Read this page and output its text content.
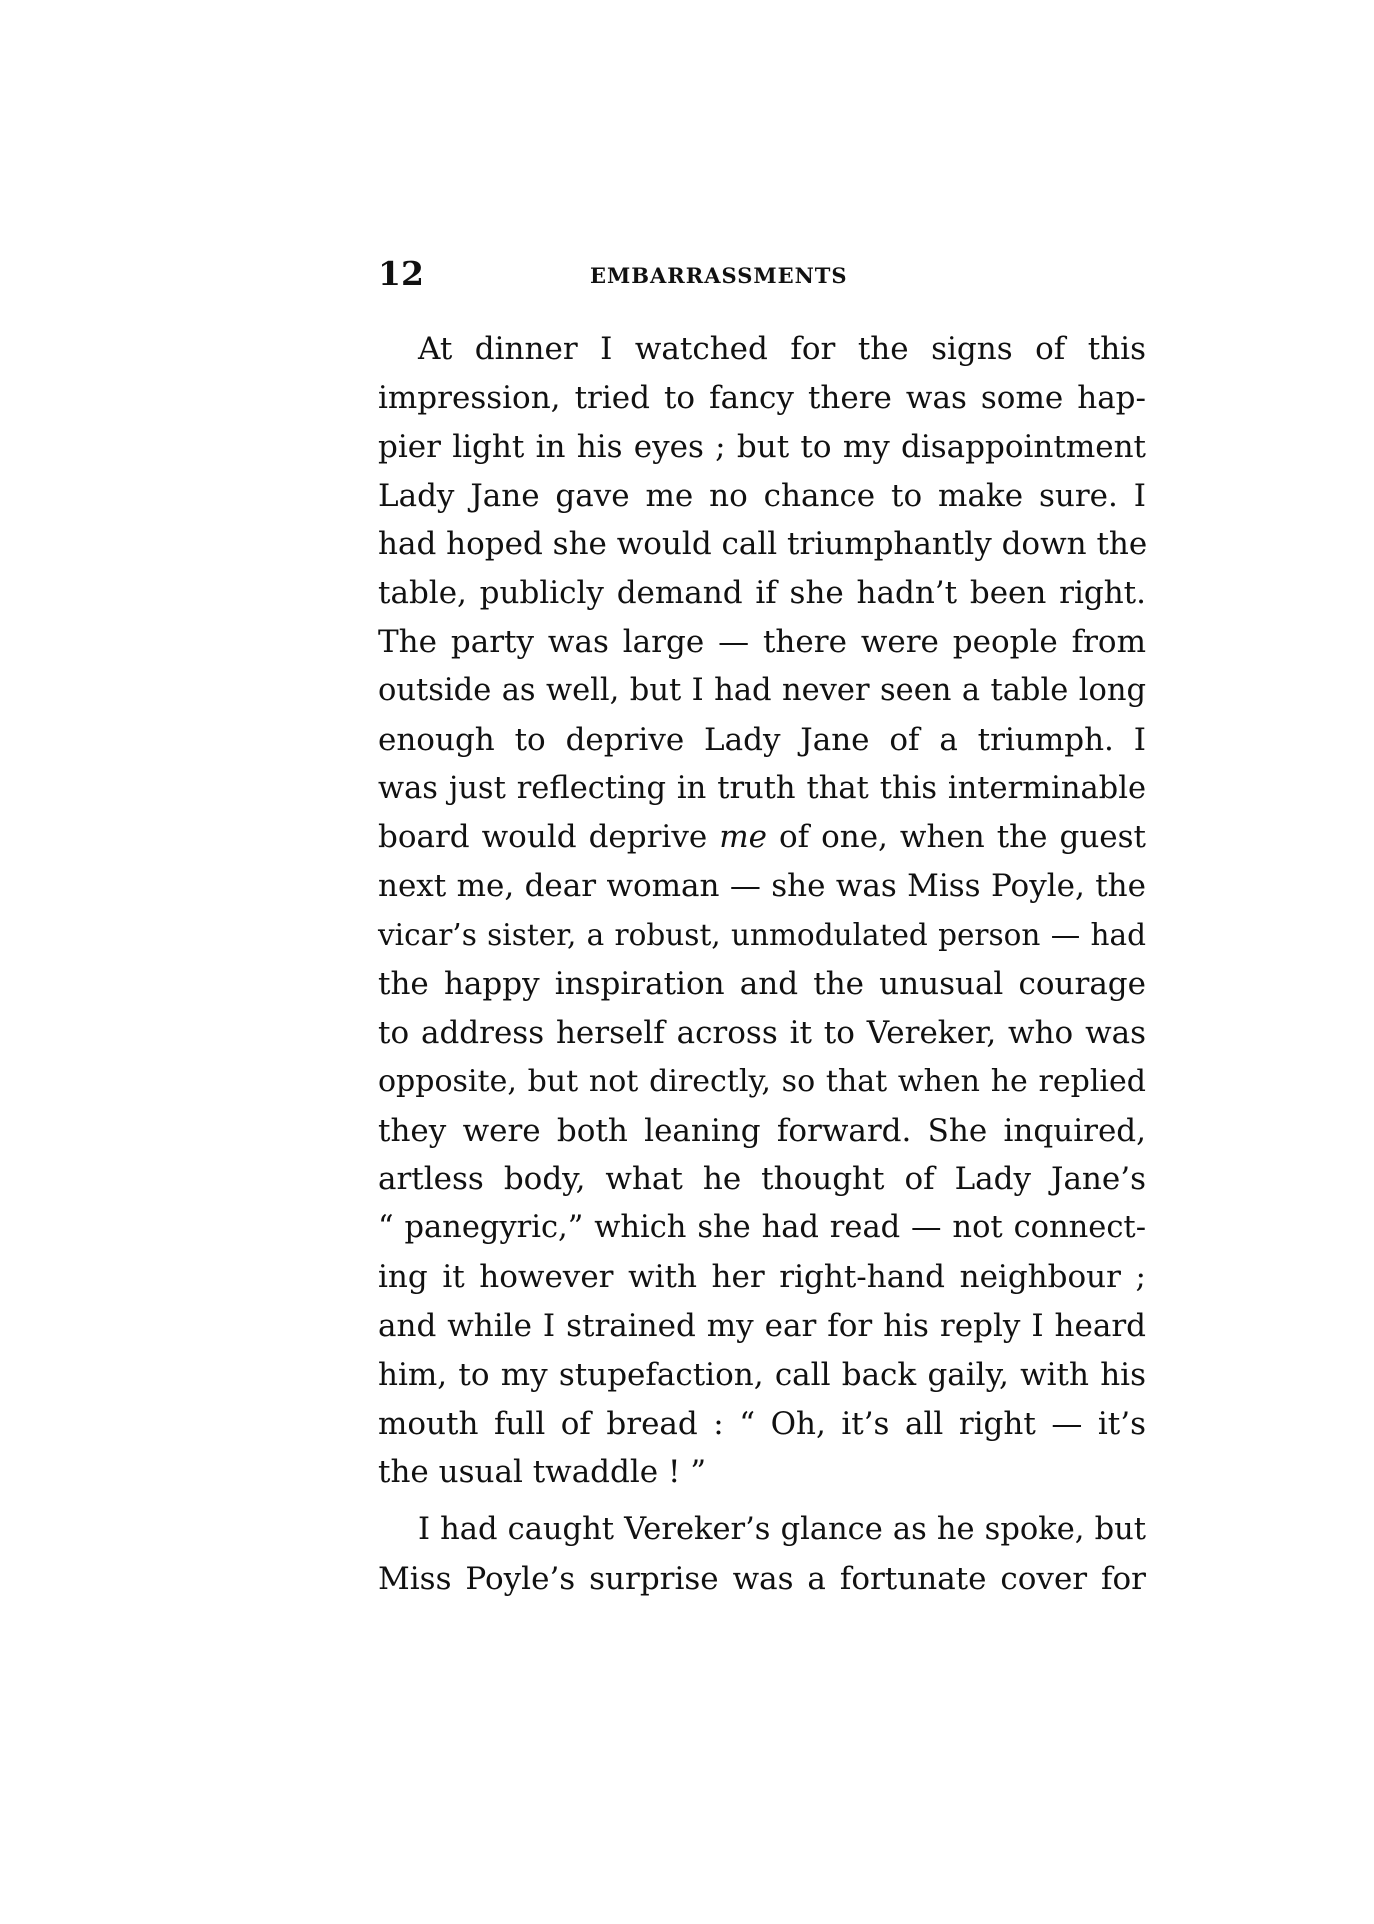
12	EMBARRASSMENTS
At dinner I watched for the signs of this
impression, tried to fancy there was some hap-
pier light in his eyes ; but to my disappointment
Lady Jane gave me no chance to make sure. I
had hoped she would call triumphantly down the
table, publicly demand if she hadn’t been right.
The party was large — there were people from
outside as well, but I had never seen a table long
enough to deprive Lady Jane of a triumph. I
was just reflecting in truth that this interminable
board would deprive me of one, when the guest
next me, dear woman — she was Miss Poyle, the
vicar’s sister, a robust, unmodulated person — had
the happy inspiration and the unusual courage
to address herself across it to Vereker, who was
opposite, but not directly, so that when he replied
they were both leaning forward. She inquired,
artless body, what he thought of Lady Jane’s
“ panegyric,” which she had read — not connect-
ing it however with her right-hand neighbour ;
and while I strained my ear for his reply I heard
him, to my stupefaction, call back gaily, with his
mouth full of bread : “ Oh, it’s all right — it’s
the usual twaddle ! ”
I had caught Vereker’s glance as he spoke, but
Miss Poyle’s surprise was a fortunate cover for
